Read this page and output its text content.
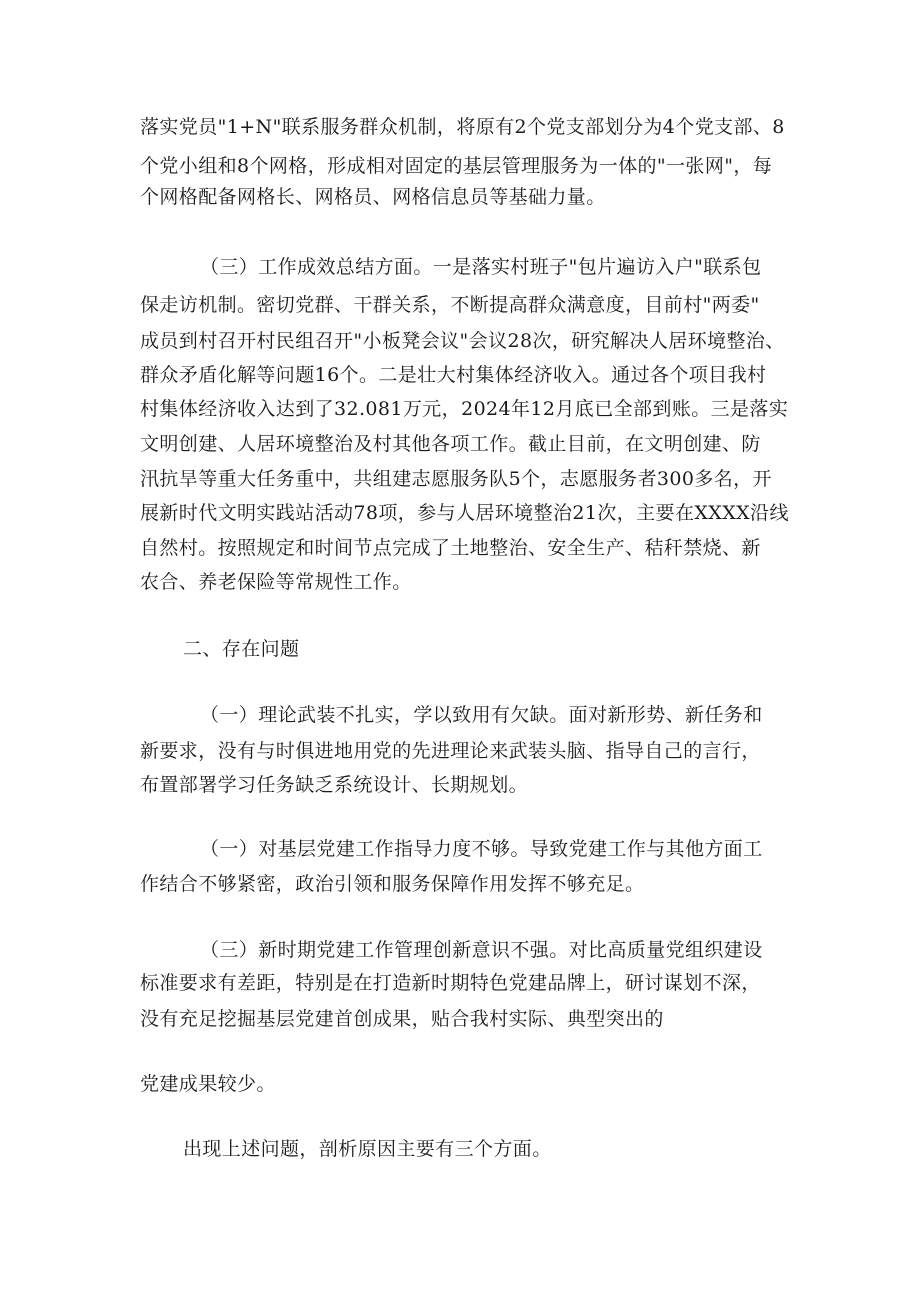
落实党员"1+N"联系服务群众机制，将原有2个党支部划分为4个党支部、8
个党小组和8个网格，形成相对固定的基层管理服务为一体的"一张网"，每
个网格配备网格长、网格员、网格信息员等基础力量。
（三）工作成效总结方面。一是落实村班子"包片遍访入户"联系包
保走访机制。密切党群、干群关系，不断提高群众满意度，目前村"两委"
成员到村召开村民组召开"小板凳会议"会议28次，研究解决人居环境整治、
群众矛盾化解等问题16个。二是壮大村集体经济收入。通过各个项目我村
村集体经济收入达到了32.081万元，2024年12月底已全部到账。三是落实
文明创建、人居环境整治及村其他各项工作。截止目前，在文明创建、防
汛抗旱等重大任务重中，共组建志愿服务队5个，志愿服务者300多名，开
展新时代文明实践站活动78项，参与人居环境整治21次，主要在XXXX沿线
自然村。按照规定和时间节点完成了土地整治、安全生产、秸秆禁烧、新
农合、养老保险等常规性工作。
二、存在问题
（一）理论武装不扎实，学以致用有欠缺。面对新形势、新任务和
新要求，没有与时俱进地用党的先进理论来武装头脑、指导自己的言行，
布置部署学习任务缺乏系统设计、长期规划。
（一）对基层党建工作指导力度不够。导致党建工作与其他方面工
作结合不够紧密，政治引领和服务保障作用发挥不够充足。
（三）新时期党建工作管理创新意识不强。对比高质量党组织建设
标准要求有差距，特别是在打造新时期特色党建品牌上，研讨谋划不深，
没有充足挖掘基层党建首创成果，贴合我村实际、典型突出的
党建成果较少。
出现上述问题，剖析原因主要有三个方面。
